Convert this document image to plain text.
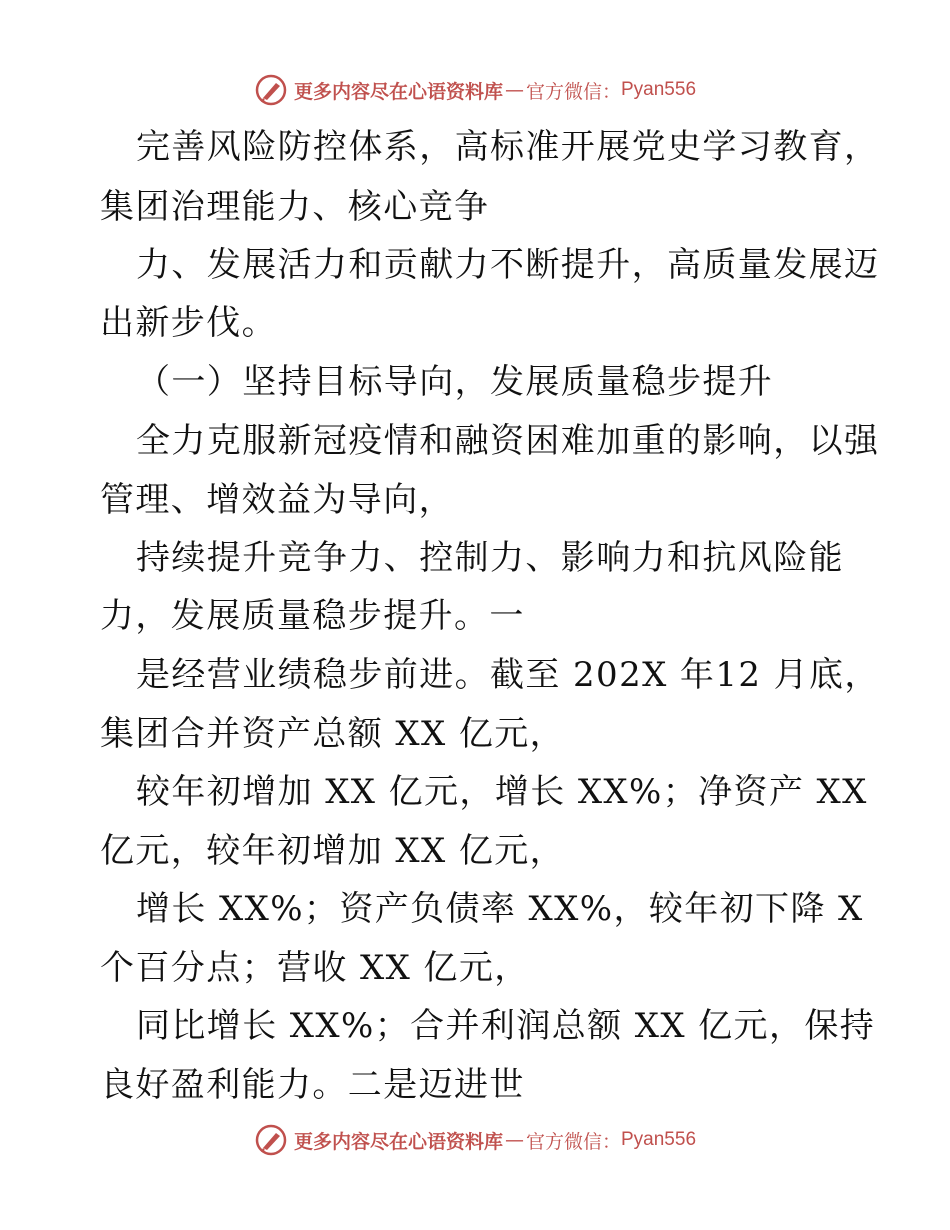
更多内容尽在心语资料库 — 官方微信： Pyan556
完善风险防控体系，高标准开展党史学习教育，
集团治理能力、核心竞争
力、发展活力和贡献力不断提升，高质量发展迈
出新步伐。
（一）坚持目标导向，发展质量稳步提升
全力克服新冠疫情和融资困难加重的影响，以强
管理、增效益为导向，
持续提升竞争力、控制力、影响力和抗风险能
力，发展质量稳步提升。一
是经营业绩稳步前进。截至 202X 年12 月底，
集团合并资产总额 XX 亿元，
较年初增加 XX 亿元，增长 XX%；净资产 XX
亿元，较年初增加 XX 亿元，
增长 XX%；资产负债率 XX%，较年初下降 X
个百分点；营收 XX 亿元，
同比增长 XX%；合并利润总额 XX 亿元，保持
良好盈利能力。二是迈进世
更多内容尽在心语资料库 — 官方微信： Pyan556
